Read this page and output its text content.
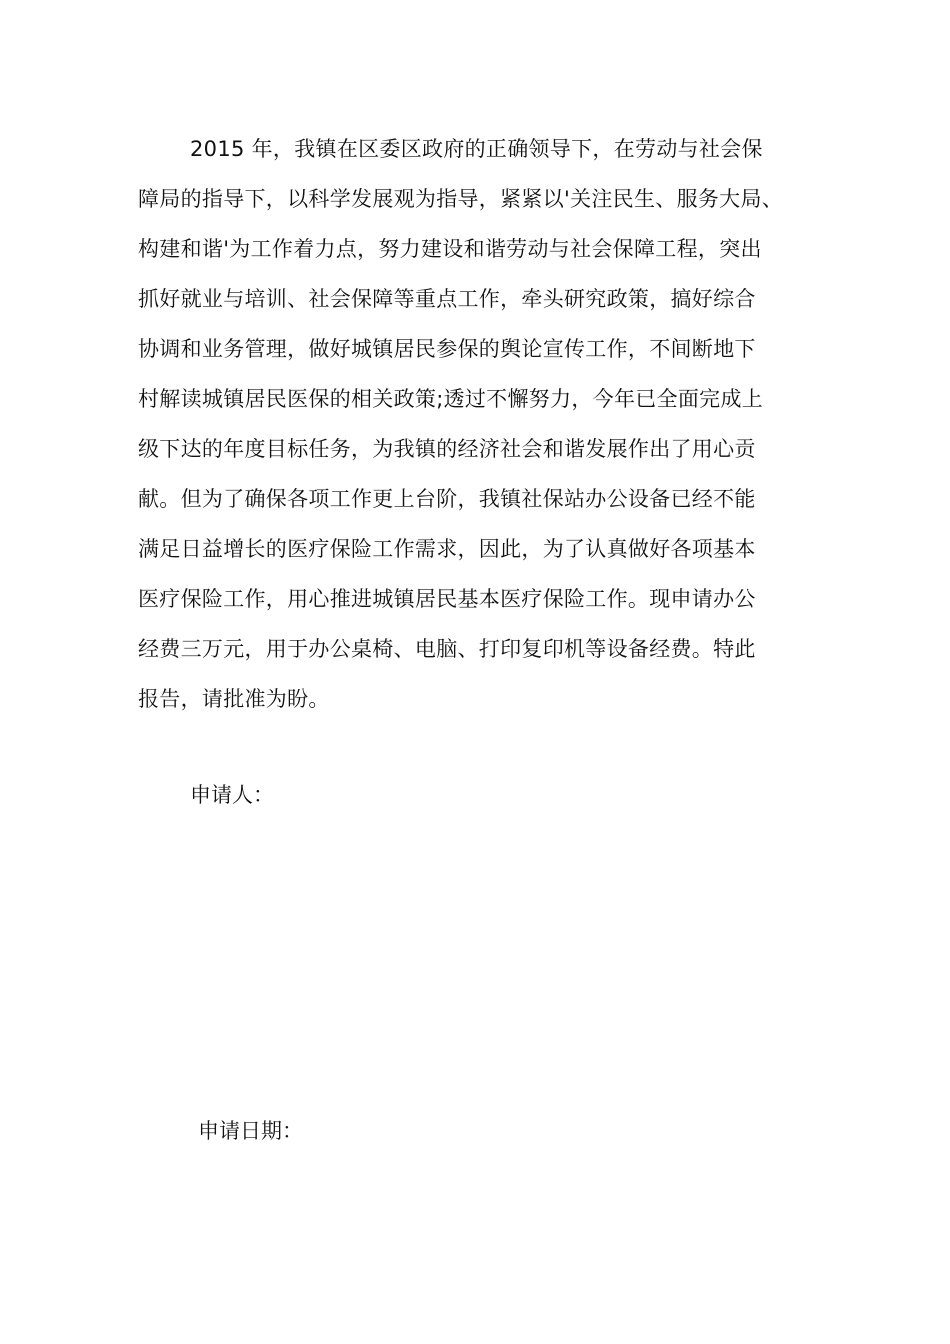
2015 年，我镇在区委区政府的正确领导下，在劳动与社会保
障局的指导下，以科学发展观为指导，紧紧以'关注民生、服务大局、
构建和谐'为工作着力点，努力建设和谐劳动与社会保障工程，突出
抓好就业与培训、社会保障等重点工作，牵头研究政策，搞好综合
协调和业务管理，做好城镇居民参保的舆论宣传工作，不间断地下
村解读城镇居民医保的相关政策;透过不懈努力，今年已全面完成上
级下达的年度目标任务，为我镇的经济社会和谐发展作出了用心贡
献。但为了确保各项工作更上台阶，我镇社保站办公设备已经不能
满足日益增长的医疗保险工作需求，因此，为了认真做好各项基本
医疗保险工作，用心推进城镇居民基本医疗保险工作。现申请办公
经费三万元，用于办公桌椅、电脑、打印复印机等设备经费。特此
报告，请批准为盼。
申请人：
申请日期：
